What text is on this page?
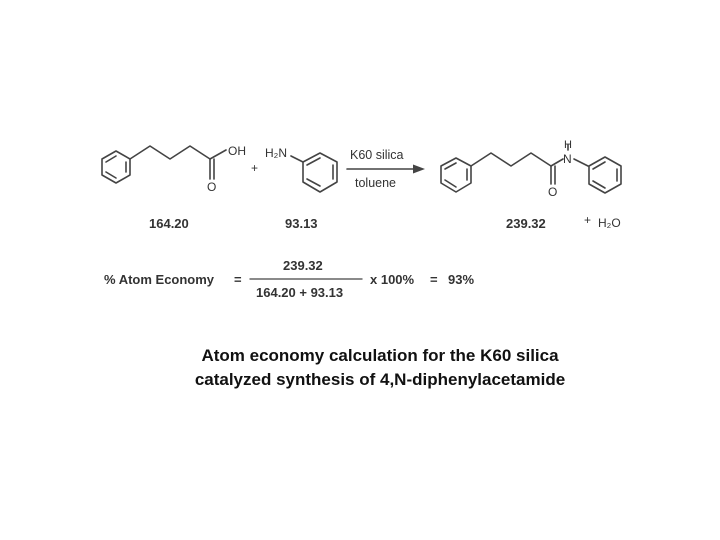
OH
O
+
H₂N	K60 silica
toluene
H
N
O
164.20	93.13	239.32	+ H₂O
% Atom Economy =
239.32
164.20 + 93.13
x 100% = 93%
Atom economy calculation for the K60 silica
catalyzed synthesis of 4,N-diphenylacetamide
